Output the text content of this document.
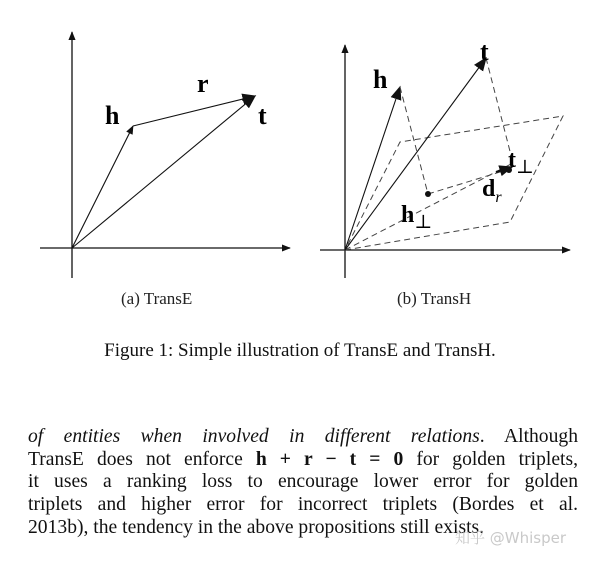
h
r
t
h
t
$h_\perp$
$t_\perp$
$d_r$
(a) TransE	(b) TransH
Figure 1: Simple illustration of TransE and TransH.
of entities when involved in different relations. Although
TransE does not enforce h + r − t = 0 for golden triplets,
it uses a ranking loss to encourage lower error for golden
triplets and higher error for incorrect triplets (Bordes et al.
2013b), the tendency in the above propositions still exists.
知乎 @Whisper
